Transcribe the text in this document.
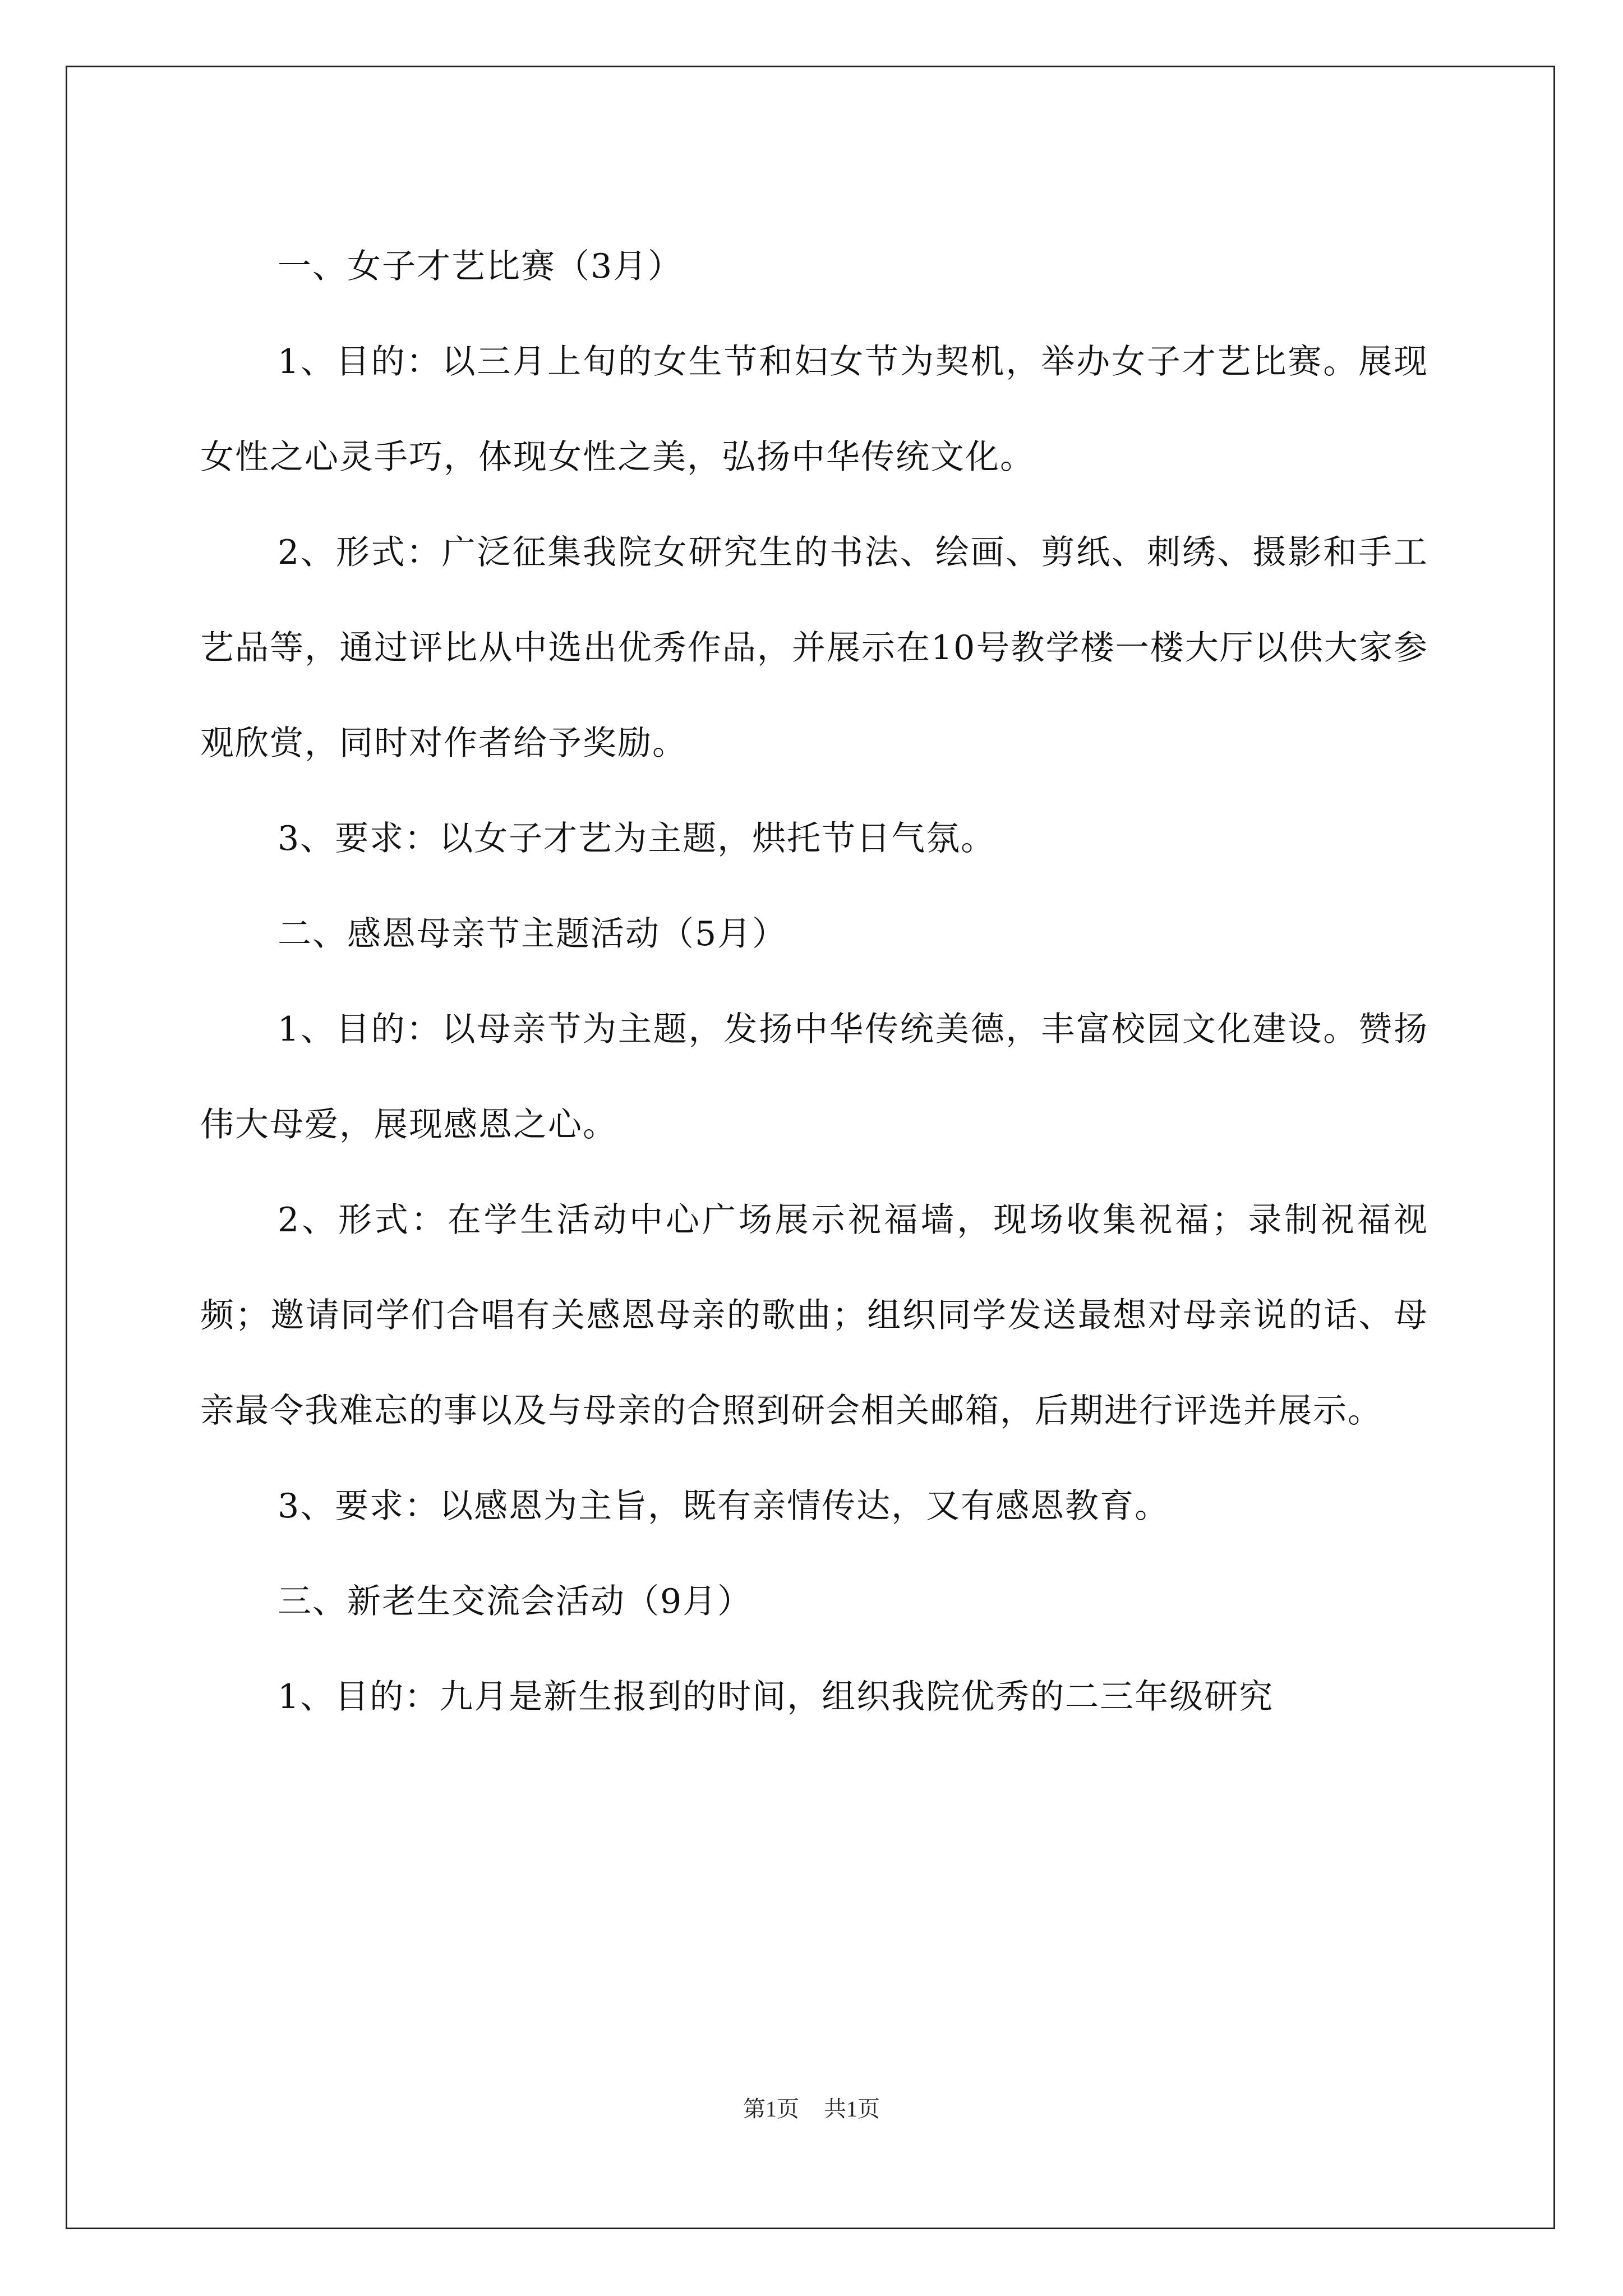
一、女子才艺比赛（3月）

1、目的：以三月上旬的女生节和妇女节为契机，举办女子才艺比赛。展现女性之心灵手巧，体现女性之美，弘扬中华传统文化。

2、形式：广泛征集我院女研究生的书法、绘画、剪纸、刺绣、摄影和手工艺品等，通过评比从中选出优秀作品，并展示在10号教学楼一楼大厅以供大家参观欣赏，同时对作者给予奖励。

3、要求：以女子才艺为主题，烘托节日气氛。

二、感恩母亲节主题活动（5月）

1、目的：以母亲节为主题，发扬中华传统美德，丰富校园文化建设。赞扬伟大母爱，展现感恩之心。

2、形式：在学生活动中心广场展示祝福墙，现场收集祝福；录制祝福视频；邀请同学们合唱有关感恩母亲的歌曲；组织同学发送最想对母亲说的话、母亲最令我难忘的事以及与母亲的合照到研会相关邮箱，后期进行评选并展示。

3、要求：以感恩为主旨，既有亲情传达，又有感恩教育。

三、新老生交流会活动（9月）

1、目的：九月是新生报到的时间，组织我院优秀的二三年级研究

第1页 共1页
